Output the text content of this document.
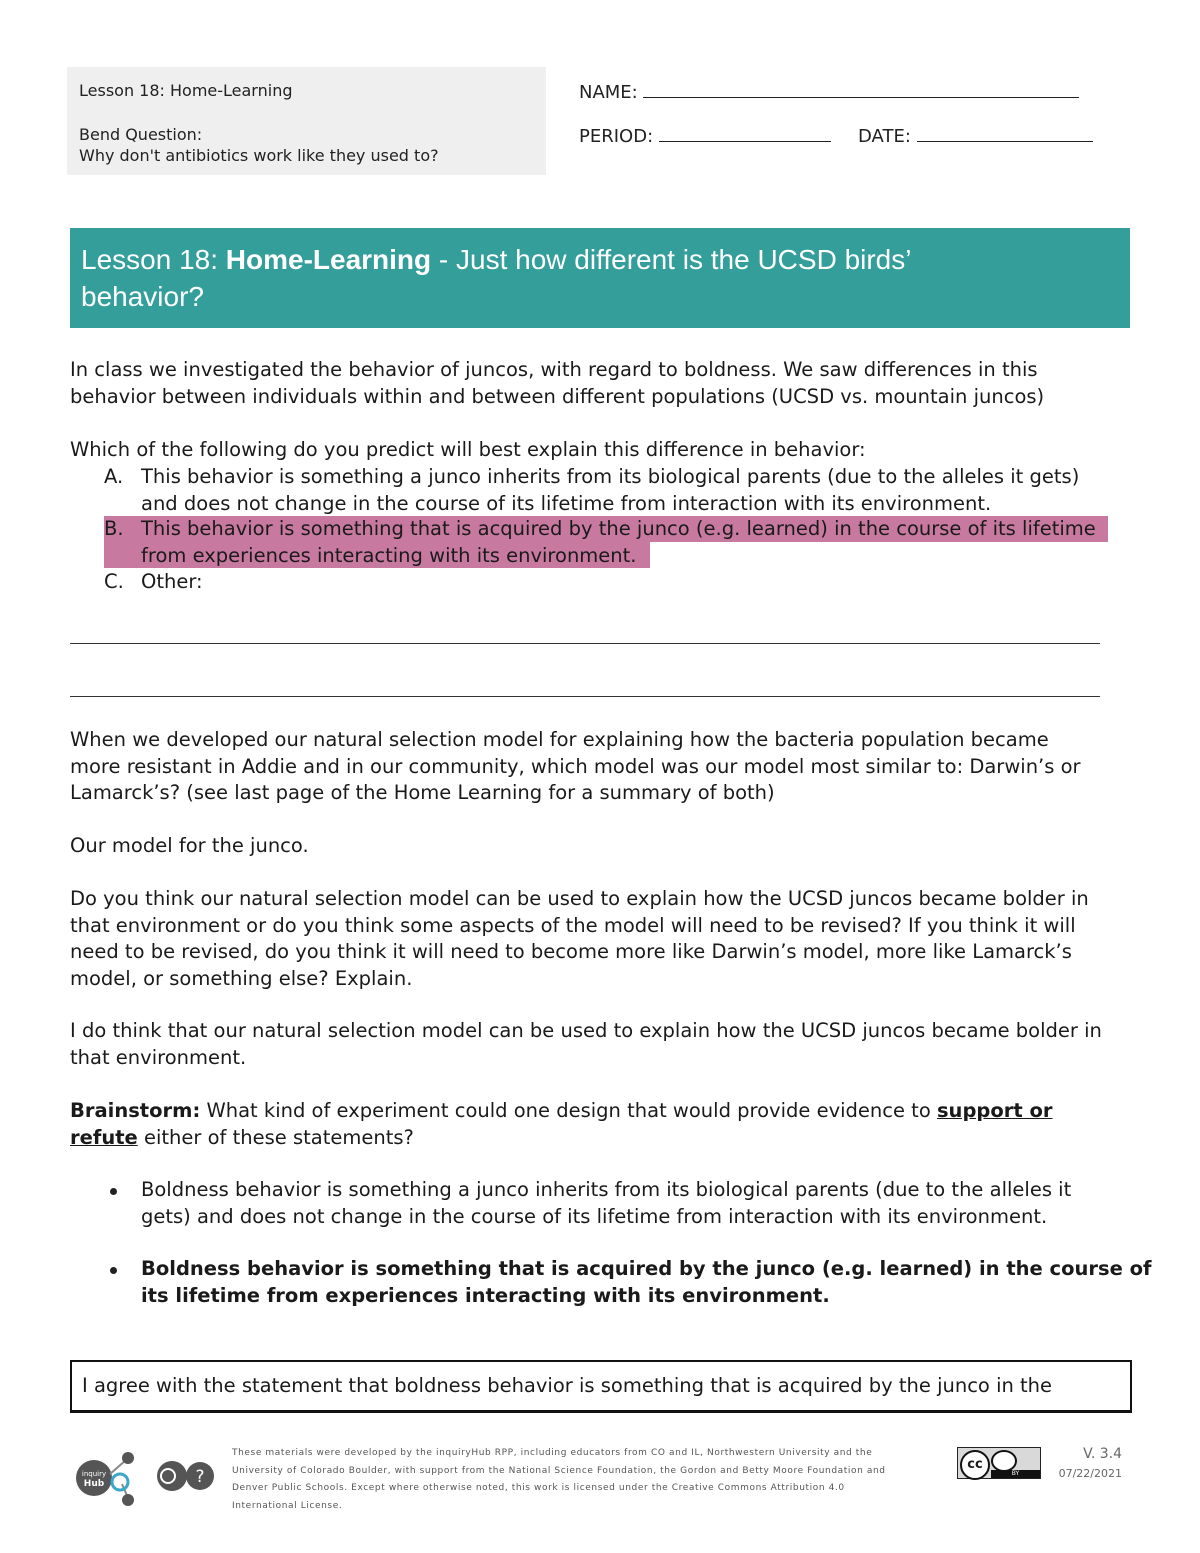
Lesson 18: Home-Learning
Bend Question:
Why don't antibiotics work like they used to?
NAME:
PERIOD:	DATE:
Lesson 18: Home-Learning - Just how different is the UCSD birds’
behavior?
In class we investigated the behavior of juncos, with regard to boldness. We saw differences in this
behavior between individuals within and between different populations (UCSD vs. mountain juncos)
Which of the following do you predict will best explain this difference in behavior:
A. This behavior is something a junco inherits from its biological parents (due to the alleles it gets)
and does not change in the course of its lifetime from interaction with its environment.
B. This behavior is something that is acquired by the junco (e.g. learned) in the course of its lifetime
from experiences interacting with its environment.
C. Other:
When we developed our natural selection model for explaining how the bacteria population became
more resistant in Addie and in our community, which model was our model most similar to: Darwin’s or
Lamarck’s? (see last page of the Home Learning for a summary of both)
Our model for the junco.
Do you think our natural selection model can be used to explain how the UCSD juncos became bolder in
that environment or do you think some aspects of the model will need to be revised? If you think it will
need to be revised, do you think it will need to become more like Darwin’s model, more like Lamarck’s
model, or something else? Explain.
I do think that our natural selection model can be used to explain how the UCSD juncos became bolder in
that environment.
Brainstorm: What kind of experiment could one design that would provide evidence to support or
refute either of these statements?
Boldness behavior is something a junco inherits from its biological parents (due to the alleles it
gets) and does not change in the course of its lifetime from interaction with its environment.
Boldness behavior is something that is acquired by the junco (e.g. learned) in the course of
its lifetime from experiences interacting with its environment.
I agree with the statement that boldness behavior is something that is acquired by the junco in the
inquiry
Hub	?
These materials were developed by the inquiryHub RPP, including educators from CO and IL, Northwestern University and the
University of Colorado Boulder, with support from the National Science Foundation, the Gordon and Betty Moore Foundation and
Denver Public Schools. Except where otherwise noted, this work is licensed under the Creative Commons Attribution 4.0
International License.
cc
BY
V. 3.4
07/22/2021
